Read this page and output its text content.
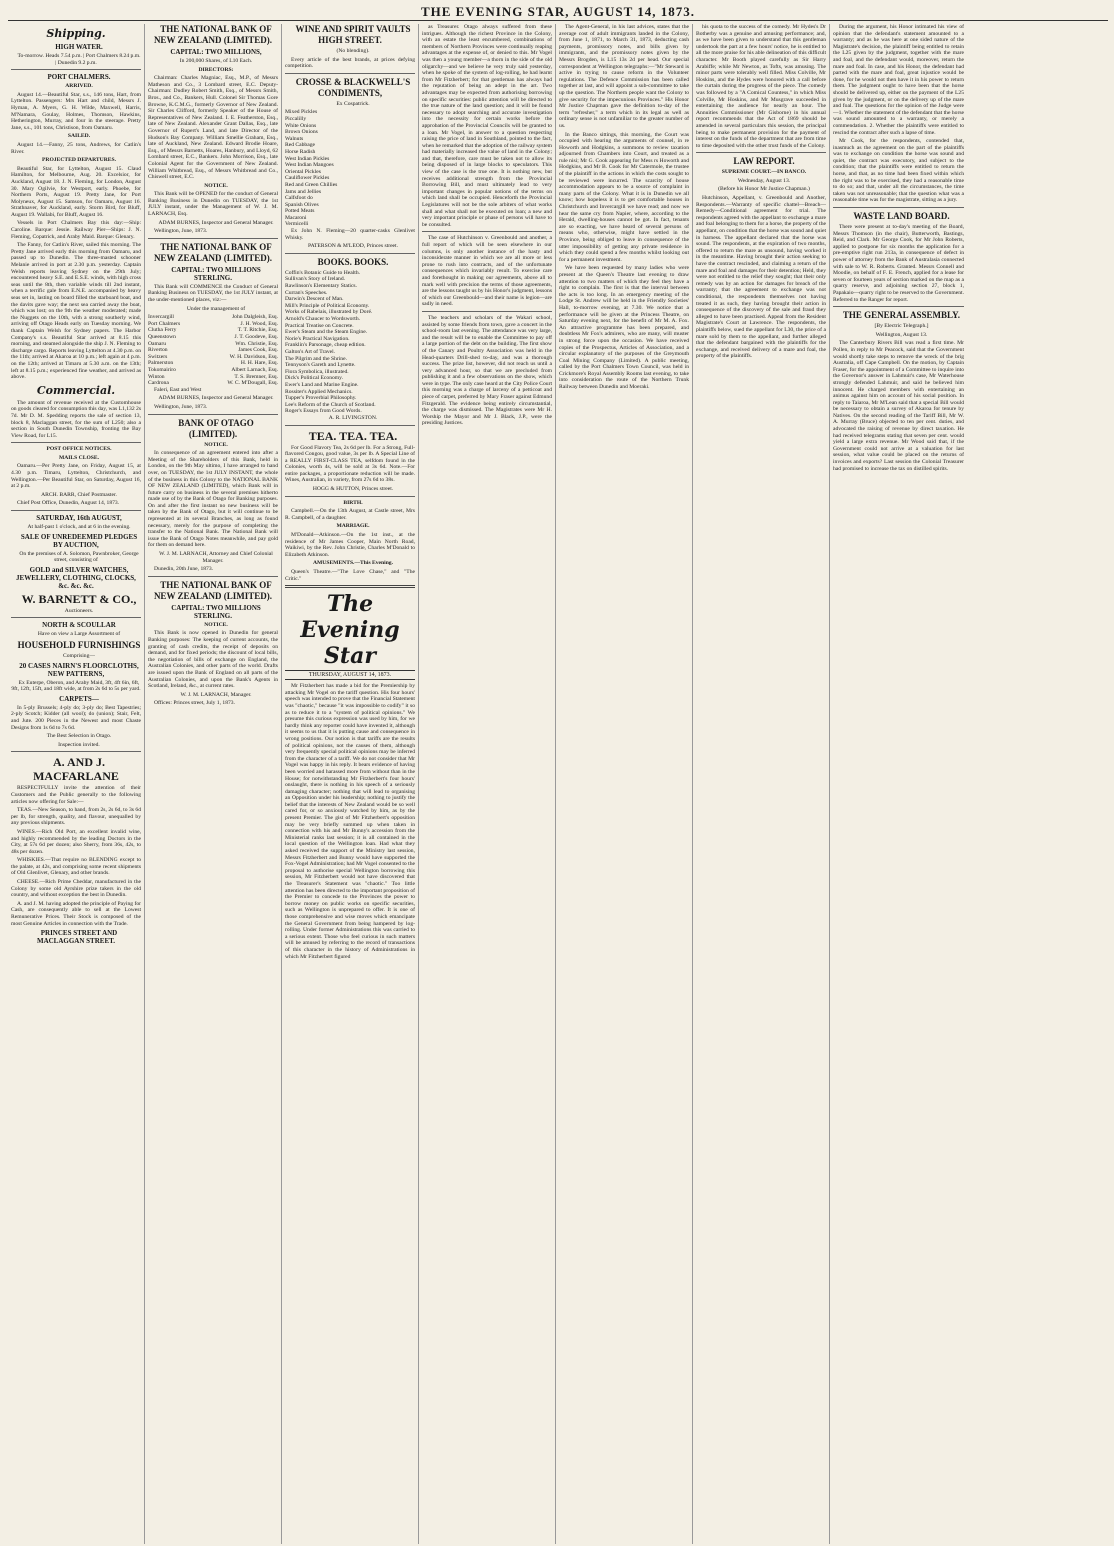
THE EVENING STAR, AUGUST 14, 1873.
Shipping.

HIGH WATER.

To-morrow. Heads 7.54 p.m. | Port Chalmers 8.24 p.m. | Dunedin 9.2 p.m.

PORT CHALMERS.

ARRIVED.

August 14.—Beautiful Star, s.s., 146 tons, Hart, from Lyttelton. Passengers: Mrs Hart and child, Messrs J. Hyman, A. Myers, G. H. Wilde, Maxwell, Harris, M'Namara, Goulay, Holmes, Thomson, Hawkins, Hetherington, Murray, and four in the steerage. Pretty Jane, s.s., 101 tons, Christison, from Oamaru.

SAILED.

August 14.—Fanny, 25 tons, Andrews, for Catlin's River.

PROJECTED DEPARTURES.

Beautiful Star, for Lyttelton, August 15. Claud Hamilton, for Melbourne, Aug. 20. Excelsior, for Auckland, August 18. J. N. Fleming, for London, August 30. Mary Ogilvie, for Westport, early. Phoebe, for Northern Ports, August 19. Pretty Jane, for Port Molyneux, August 15. Samson, for Oamaru, August 16. Strathnaver, for Auckland, early. Storm Bird, for Bluff, August 19. Wallabi, for Bluff, August 16.

Vessels in Port Chalmers Bay this day:—Ship: Caroline. Barque: Jessie. Railway Pier—Ships: J. N. Fleming, Copatrick, and Araby Maid. Barque: Glenary.

The Fanny, for Catlin's River, sailed this morning. The Pretty Jane arrived early this morning from Oamaru, and passed up to Dunedin. The three-masted schooner Melanie arrived in port at 2.30 p.m. yesterday. Captain Welsh reports leaving Sydney on the 29th July; encountered heavy S.E. and E.S.E. winds, with high cross seas until the 8th, then variable winds till 2nd instant, when a terrific gale from E.N.E. accompanied by heavy seas set in, lasting on board filled the starboard boat, and the davits gave way; the next sea carried away the boat, which was lost; on the 9th the weather moderated; made the Nuggets on the 10th, with a strong southerly wind, arriving off Otago Heads early on Tuesday morning. We thank Captain Welsh for Sydney papers. The Harbor Company's s.s. Beautiful Star arrived at 8.15 this morning, and steamed alongside the ship J. N. Fleming to discharge cargo. Reports leaving Lyttelton at 4.30 p.m. on the 11th; arrived at Akaroa at 10 p.m.; left again at 4 p.m. on the 12th; arrived at Timaru at 5.30 a.m. on the 13th; left at 8.15 p.m.; experienced fine weather, and arrived as above.

Commercial.

The amount of revenue received at the Customhouse on goods cleared for consumption this day, was L1,132 2s 7d. Mr D. M. Spedding reports the sale of section 13, block 8, Maclaggan street, for the sum of L250; also a section in South Dunedin Township, fronting the Bay View Road, for L15.

POST OFFICE NOTICES.

MAILS CLOSE.

Oamaru.—Per Pretty Jane, on Friday, August 15, at 4.30 p.m. Timaru, Lyttelton, Christchurch, and Wellington.—Per Beautiful Star, on Saturday, August 16, at 2 p.m.

ARCH. BARR, Chief Postmaster.

Chief Post Office, Dunedin, August 14, 1873.

SATURDAY, 16th AUGUST,

At half-past 1 o'clock, and at 6 in the evening.

SALE OF UNREDEEMED PLEDGES BY AUCTION,

On the premises of A. Solomon, Pawnbroker, George street, consisting of

GOLD and SILVER WATCHES, JEWELLERY, CLOTHING, CLOCKS, &c. &c. &c.

W. BARNETT & CO.,

Auctioneers.

NORTH & SCOULLAR

Have on view a Large Assortment of

HOUSEHOLD FURNISHINGS

Comprising—

20 CASES NAIRN'S FLOORCLOTHS, NEW PATTERNS,

Ex Euterpe, Oberon, and Araby Maid, 3ft, 4ft 6in, 6ft, 9ft, 12ft, 15ft, and 18ft wide, at from 2s 6d to 5s per yard.

CARPETS—

In 5-ply Brussels; 4-ply do; 3-ply do; Best Tapestries; 2-ply Scotch; Kidder (all wool); do (union); Stair, Felt, and Jute. 200 Pieces in the Newest and most Chaste Designs from 1s 6d to 7s 6d.

The Best Selection in Otago.

Inspection invited.

A. AND J. MACFARLANE

RESPECTFULLY invite the attention of their Customers and the Public generally to the following articles now offering for Sale:—

TEAS.—New Season, to hand, from 2s, 2s 6d, to 3s 6d per lb, for strength, quality, and flavour, unequalled by any previous shipments.

WINES.—Rich Old Port, an excellent invalid wine, and highly recommended by the leading Doctors in the City, at 57s 6d per dozen; also Sherry, from 36s, 42s, to 48s per dozen.

WHISKIES.—That require no BLENDING except to the palate, at 42s, and comprising some recent shipments of Old Glenlivet, Glenary, and other brands.

CHEESE.—Rich Prime Cheddar, manufactured in the Colony by some old Ayrshire prize takers in the old country, and without exception the best in Dunedin.

A. and J. M. having adopted the principle of Paying for Cash, are consequently able to sell at the Lowest Remunerative Prices. Their Stock is composed of the most Genuine Articles in connection with the Trade.

PRINCES STREET AND MACLAGGAN STREET.

THE NATIONAL BANK OF NEW ZEALAND (LIMITED).

CAPITAL: TWO MILLIONS,

In 200,000 Shares, of L10 Each.

DIRECTORS:

Chairman: Charles Magniac, Esq., M.P., of Messrs Matheson and Co., 3 Lombard street, E.C. Deputy-Chairman: Dudley Robert Smith, Esq., of Messrs Smith, Bros., and Co., Bankers, Hull. Colonel Sir Thomas Gore Browne, K.C.M.G., formerly Governor of New Zealand. Sir Charles Clifford, formerly Speaker of the House of Representatives of New Zealand. I. E. Featherston, Esq., late of New Zealand. Alexander Grant Dallas, Esq., late Governor of Rupert's Land, and late Director of the Hudson's Bay Company. William Smellie Graham, Esq., late of Auckland, New Zealand. Edward Brodie Hoare, Esq., of Messrs Barnetts, Hoares, Hanbury, and Lloyd, 62 Lombard street, E.C., Bankers. John Morrison, Esq., late Colonial Agent for the Government of New Zealand. William Whitbread, Esq., of Messrs Whitbread and Co., Chiswell street, E.C.

NOTICE.

This Bank will be OPENED for the conduct of General Banking Business in Dunedin on TUESDAY, the 1st JULY instant, under the Management of W. J. M. LARNACH, Esq.

ADAM BURNES, Inspector and General Manager.

Wellington, June, 1873.

THE NATIONAL BANK OF NEW ZEALAND (LIMITED).

CAPITAL: TWO MILLIONS STERLING.

This Bank will COMMENCE the Conduct of General Banking Business on TUESDAY, the 1st JULY instant, at the under-mentioned places, viz:—

Under the management of

Invercargill	John Dalgleish, Esq.
Port Chalmers	J. H. Wood, Esq.
Clutha Ferry	T. T. Ritchie, Esq.
Queenstown	J. T. Goodeve, Esq.
Oamaru	Wm. Christie, Esq.
Riverton	James Cook, Esq.
Switzers	W. H. Davidson, Esq.
Palmerston	H. H. Hare, Esq.
Tokomairiro	Albert Larnach, Esq.
Winton	T. S. Bremner, Esq.
Cardrona	W. C. M'Dougall, Esq.

Faleri, East and West

ADAM BURNES, Inspector and General Manager.

Wellington, June, 1873.

BANK OF OTAGO (LIMITED).

NOTICE.

In consequence of an agreement entered into after a Meeting of the Shareholders of this Bank, held in London, on the 9th May ultimo, I have arranged to hand over, on TUESDAY, the 1st JULY INSTANT, the whole of the business in this Colony to the NATIONAL BANK OF NEW ZEALAND (LIMITED), which Bank will in future carry on business in the several premises hitherto made use of by the Bank of Otago for Banking purposes. On and after the first instant no new business will be taken by the Bank of Otago, but it will continue to be represented at its several Branches, as long as found necessary, merely for the purpose of completing the transfer to the National Bank. The National Bank will issue the Bank of Otago Notes meanwhile, and pay gold for them on demand here.

W. J. M. LARNACH, Attorney and Chief Colonial Manager.

Dunedin, 20th June, 1873.

THE NATIONAL BANK OF NEW ZEALAND (LIMITED).

CAPITAL: TWO MILLIONS STERLING.

NOTICE.

This Bank is now opened in Dunedin for general Banking purposes: The keeping of current accounts, the granting of cash credits, the receipt of deposits on demand, and for fixed periods; the discount of local bills, the negotiation of bills of exchange on England, the Australian Colonies, and other parts of the world. Drafts are issued upon the Bank of England on all parts of the Australian Colonies, and upon the Bank's Agents in Scotland, Ireland, &c., at current rates.

W. J. M. LARNACH, Manager.

Offices: Princes street, July 1, 1873.

WINE AND SPIRIT VAULTS HIGH STREET.

(No blending).

Every article of the best brands, at prices defying competition.

CROSSE & BLACKWELL'S CONDIMENTS,

Ex Cospatrick.

Mixed Pickles
Piccalilly
White Onions
Brown Onions
Walnuts
Red Cabbage
Horse Radish
West Indian Pickles
West Indian Mangoes
Oriental Pickles
Cauliflower Pickles
Red and Green Chillies
Jams and Jellies
Calfsfoot do
Spanish Olives
Potted Meats
Macaroni
Vermicelli

Ex John N. Fleming—20 quarter-casks Glenlivet Whisky.

PATERSON & M'LEOD, Princes street.

BOOKS. BOOKS.

Coffin's Botanic Guide to Health.
Sullivan's Story of Ireland.
Rawlinson's Elementary Statics.
Curran's Speeches.
Darwin's Descent of Man.
Mill's Principle of Political Economy.
Works of Rabelais, illustrated by Doré.
Arnold's Chaucer to Wordsworth.
Practical Treatise on Concrete.
Ewer's Steam and the Steam Engine.
Norie's Practical Navigation.
Franklin's Parsonage, cheap edition.
Galton's Art of Travel.
The Pilgrim and the Shrine.
Tennyson's Gareth and Lynette.
Flora Symbolica, illustrated.
Dick's Political Economy.
Ewer's Land and Marine Engine.
Rossiter's Applied Mechanics.
Tupper's Proverbial Philosophy.
Lee's Reform of the Church of Scotland.
Roger's Essays from Good Words.

A. R. LIVINGSTON.

TEA. TEA. TEA.

For Good Flavory Tea, 2s 6d per lb. For a Strong, Full-flavored Congou, good value, 3s per lb. A Special Line of a REALLY FIRST-CLASS TEA, selfdom found in the Colonies, worth 4s, will be sold at 3s 6d. Note.—For entire packages, a proportionate reduction will be made. Wines, Australian, in variety, from 27s 6d to 38s.

HOGG & HUTTON, Princes street.

BIRTH.

Campbell.—On the 13th August, at Castle street, Mrs R. Campbell, of a daughter.

MARRIAGE.

M'Donald—Atkinson.—On the 1st inst., at the residence of Mr James Cooper, Main North Road, Waikiwi, by the Rev. John Christie, Charles M'Donald to Elizabeth Atkinson.

AMUSEMENTS.—This Evening.

Queen's Theatre.—"The Love Chase," and "The Critic."

The Evening Star
THURSDAY, AUGUST 14, 1873.

Mr Fitzherbert has made a bid for the Premiership by attacking Mr Vogel on the tariff question. His four hours' speech was intended to prove that the Financial Statement was "chaotic," because "it was impossible to codify" it so as to reduce it to a "system of political opinions." We presume this curious expression was used by him, for we hardly think any reporter could have invented it, although it seems to us that it is putting cause and consequence in wrong positions. Our notion is that tariffs are the results of political opinions, not the causes of them, although very frequently special political opinions may be inferred from the character of a tariff. We do not consider that Mr Vogel was happy in his reply. It bears evidence of having been worried and harassed more from without than in the House; for notwithstanding Mr Fitzherbert's four hours' onslaught, there is nothing in his speech of a seriously damaging character; nothing that will lead to organising an Opposition under his leadership; nothing to justify the belief that the interests of New Zealand would be so well cared for, or so anxiously watched by him, as by the present Premier. The gist of Mr Fitzherbert's opposition may be very briefly summed up when taken in connection with his and Mr Bunny's accession from the Ministerial ranks last session; it is all contained in the local question of the Wellington loan. Had what they asked received the support of the Ministry last session, Messrs Fitzherbert and Bunny would have supported the Fox-Vogel Administration; had Mr Vogel consented to the proposal to authorise special Wellington borrowing this session, Mr Fitzherbert would not have discovered that the Treasurer's Statement was "chaotic." Too little attention has been directed to the important proposition of the Premier to concede to the Provinces the power to borrow money on public works on specific securities, such as Wellington is unprepared to offer. It is one of those comprehensive and wise moves which emancipate the General Government from being hampered by log-rolling. Under former Administrations this was carried to a serious extent. Those who feel curious in such matters will be amused by referring to the record of transactions of this character in the history of Administrations in which Mr Fitzherbert figured

as Treasurer. Otago always suffered from these intrigues. Although the richest Province in the Colony, with an estate the least encumbered, combinations of members of Northern Provinces were continually reaping advantages at the expense of, or denied to this. Mr Vogel was then a young member—a thorn in the side of the old oligarchy—and we believe he very truly said yesterday, when he spoke of the system of log-rolling, he had learnt from Mr Fitzherbert; for that gentleman has always had the reputation of being an adept in the art. Two advantages may be expected from authorising borrowing on specific securities: public attention will be directed to the true nature of the land question; and it will be found necessary to adopt searching and accurate investigation into the necessity for certain works before the approbation of the Provincial Councils will be granted to a loan. Mr Vogel, in answer to a question respecting raising the price of land in Southland, pointed to the fact, when he remarked that the adoption of the railway system had materially increased the value of land in the Colony; and that, therefore, care must be taken not to allow its being disposed of in large blocks to speculators. This view of the case is the true one. It is nothing new, but receives additional strength from the Provincial Borrowing Bill, and must ultimately lead to very important changes in popular notions of the terms on which land shall be occupied. Henceforth the Provincial Legislatures will not be the sole arbiters of what works shall and what shall not be executed on loan; a new and very important principle or phase of persons will have to be consulted.

The case of Hutchinson v. Greenbould and another, a full report of which will be seen elsewhere in our columns, is only another instance of the hasty and inconsiderate manner in which we are all more or less prone to rush into contracts, and of the unfortunate consequences which invariably result. To exercise care and forethought in making our agreements, above all to mark well with precision the terms of those agreements, are the lessons taught us by his Honor's judgment, lessons of which our Greenbould—and their name is legion—are sadly in need.

The teachers and scholars of the Wakari school, assisted by some friends from town, gave a concert in the school-room last evening. The attendance was very large, and the result will be to enable the Committee to pay off a large portion of the debt on the building. The first show of the Canary and Poultry Association was held in the Head-quarters Drill-shed to-day, and was a thorough success. The prize list, however, did not reach us until a very advanced hour, so that we are precluded from publishing it and a few observations on the show, which were in type. The only case heard at the City Police Court this morning was a charge of larceny of a petticoat and piece of carpet, preferred by Mary Fraser against Edmund Fitzgerald. The evidence being entirely circumstantial, the charge was dismissed. The Magistrates were Mr H. Worship the Mayor and Mr J. Black, J.P., were the presiding Justices.

The Agent-General, in his last advices, states that the average cost of adult immigrants landed in the Colony, from June 1, 1871, to March 31, 1873, deducting cash payments, promissory notes, and bills given by immigrants, and the promissory notes given by the Messrs Brogden, is L15 13s 2d per head. Our special correspondent at Wellington telegraphs:—"Mr Steward is active in trying to cause reform in the Volunteer regulations. The Defence Commission has been called together at last, and will appoint a sub-committee to take up the question. The Northern people want the Colony to give security for the impecunious Provinces." His Honor Mr Justice Chapman gave the definition to-day of the term "refresher," a term which in its legal as well as ordinary sense is not unfamiliar to the greater number of us.

In the Banco sittings, this morning, the Court was occupied with hearing the arguments of counsel, in re Howorth and Hodgkins, a summons to review taxation adjourned from Chambers into Court, and treated as a rule nisi; Mr G. Cook appearing for Mess rs Howorth and Hodgkins, and Mr B. Cook for Mr Catermole, the trustee of the plaintiff in the actions in which the costs sought to be reviewed were incurred. The scarcity of house accommodation appears to be a source of complaint in many parts of the Colony. What it is in Dunedin we all know; how hopeless it is to get comfortable houses in Christchurch and Invercargill we have read; and now we hear the same cry from Napier, where, according to the Herald, dwelling-houses cannot be got. In fact, tenants are so exacting, we have heard of several persons of means who, otherwise, might have settled in the Province, being obliged to leave in consequence of the utter impossibility of getting any private residence in which they could spend a few months whilst looking out for a permanent investment.

We have been requested by many ladies who were present at the Queen's Theatre last evening to draw attention to two matters of which they feel they have a right to complain. The first is that the interval between the acts is too long. In an emergency meeting of the Lodge St. Andrew will be held in the Friendly Societies' Hall, to-morrow evening, at 7.30. We notice that a performance will be given at the Princess Theatre, on Saturday evening next, for the benefit of Mr M. A. Fox. An attractive programme has been prepared, and doubtless Mr Fox's admirers, who are many, will muster in strong force upon the occasion. We have received copies of the Prospectus, Articles of Association, and a circular explanatory of the purposes of the Greymouth Coal Mining Company (Limited). A public meeting, called by the Port Chalmers Town Council, was held in Crickmore's Royal Assembly Rooms last evening, to take into consideration the route of the Northern Trunk Railway between Dunedin and Moeraki.

his quota to the success of the comedy. Mr Hydes's Dr Botherby was a genuine and amusing performance; and, as we have been given to understand that this gentleman undertook the part at a few hours' notice, he is entitled to all the more praise for his able delineation of this difficult character. Mr Booth played carefully as Sir Harry Arabiffe; while Mr Newton, as Tofts, was amusing. The minor parts were tolerably well filled. Miss Colville, Mr Hoskins, and the Hydes were honored with a call before the curtain during the progress of the piece. The comedy was followed by a "A Comical Countess," in which Miss Colville, Mr Hoskins, and Mr Musgrave succeeded in entertaining the audience for nearly an hour. The Annuities Commissioner (Mr Gisborne) in his annual report recommends that the Act of 1869 should be amended in several particulars this session, the principal being to make permanent provision for the payment of interest on the funds of the department that are from time to time deposited with the other trust funds of the Colony.

LAW REPORT.

SUPREME COURT.—IN BANCO.

Wednesday, August 13.

(Before his Honor Mr Justice Chapman.)

Hutchinson, Appellant, v. Greenbould and Another, Respondents.—Warranty of specific chattel—Breach—Remedy—Conditional agreement for trial. The respondents agreed with the appellant to exchange a mare and foal belonging to them for a horse, the property of the appellant, on condition that the horse was sound and quiet in harness. The appellant declared that the horse was sound. The respondents, at the expiration of two months, offered to return the mare as unsound, having worked it in the meantime. Having brought their action seeking to have the contract rescinded, and claiming a return of the mare and foal and damages for their detention; Held, they were not entitled to the relief they sought; that their only remedy was by an action for damages for breach of the warranty; that the agreement to exchange was not conditional, the respondents themselves not having treated it as such, they having brought their action in consequence of the discovery of the sale and fraud they alleged to have been practised. Appeal from the Resident Magistrate's Court at Lawrence. The respondents, the plaintiffs below, sued the appellant for L30, the price of a mare sold by them to the appellant, and further alleged that the defendant bargained with the plaintiffs for the exchange, and received delivery of a mare and foal, the property of the plaintiffs.

During the argument, his Honor intimated his view of opinion that the defendant's statement amounted to a warranty; and as he was here at one sided nature of the Magistrate's decision, the plaintiff being entitled to retain the L25 given by the judgment, together with the mare and foal, and the defendant would, moreover, return the mare and foal. In case, and his Honor, the defendant had parted with the mare and foal, great injustice would be done, for he would not then have it in his power to return them. The judgment ought to have been that the horse should be delivered up, either on the payment of the L25 given by the judgment, or on the delivery up of the mare and foal. The questions for the opinion of the Judge were—1. Whether the statement of the defendant that the horse was sound amounted to a warranty, or merely a commendation. 2. Whether the plaintiffs were entitled to rescind the contract after such a lapse of time.

Mr Cook, for the respondents, contended that, inasmuch as the agreement on the part of the plaintiffs was to exchange on condition the horse was sound and quiet, the contract was executory, and subject to the condition; that the plaintiffs were entitled to return the horse, and that, as no time had been fixed within which the right was to be exercised, they had a reasonable time to do so; and that, under all the circumstances, the time taken was not unreasonable; that the question what was a reasonable time was for the magistrate, sitting as a jury.

WASTE LAND BOARD.

There were present at to-day's meeting of the Board, Messrs Thomson (in the chair), Butterworth, Bastings, Reid, and Clark. Mr George Cook, for Mr John Roberts, applied to postpone for six months the application for a pre-emptive right run 213a, in consequence of defect in power of attorney from the Bank of Australasia connected with sale to W. R. Roberts. Granted. Messrs Connell and Moodie, on behalf of F. E. French, applied for a lease for seven or fourteen years of section marked on the map as a quarry reserve, and adjoining section 27, block 1, Papakaio—quarry right to be reserved to the Government. Referred to the Ranger for report.

THE GENERAL ASSEMBLY.

[By Electric Telegraph.]

Wellington, August 13.

The Canterbury Rivers Bill was read a first time. Mr Pollen, in reply to Mr Peacock, said that the Government would shortly take steps to remove the wreck of the brig Australia, off Cape Campbell. On the motion, by Captain Fraser, for the appointment of a Committee to inquire into the Governor's answer in Lahmuir's case, Mr Waterhouse strongly defended Lahmuir, and said he believed him innocent. He charged members with entertaining an animus against him on account of his social position. In reply to Taiaroa, Mr M'Lean said that a special Bill would be necessary to obtain a survey of Akaroa for tenure by Natives. On the second reading of the Tariff Bill, Mr W. A. Murray (Bruce) objected to ten per cent. duties, and advocated the raising of revenue by direct taxation. He had received telegrams stating that seven per cent. would yield a large extra revenue. Mr Wood said that, if the Government could not arrive at a valuation for last session, what value could be placed on the returns of invoices and exports? Last session the Colonial Treasurer had promised to increase the tax on distilled spirits.
